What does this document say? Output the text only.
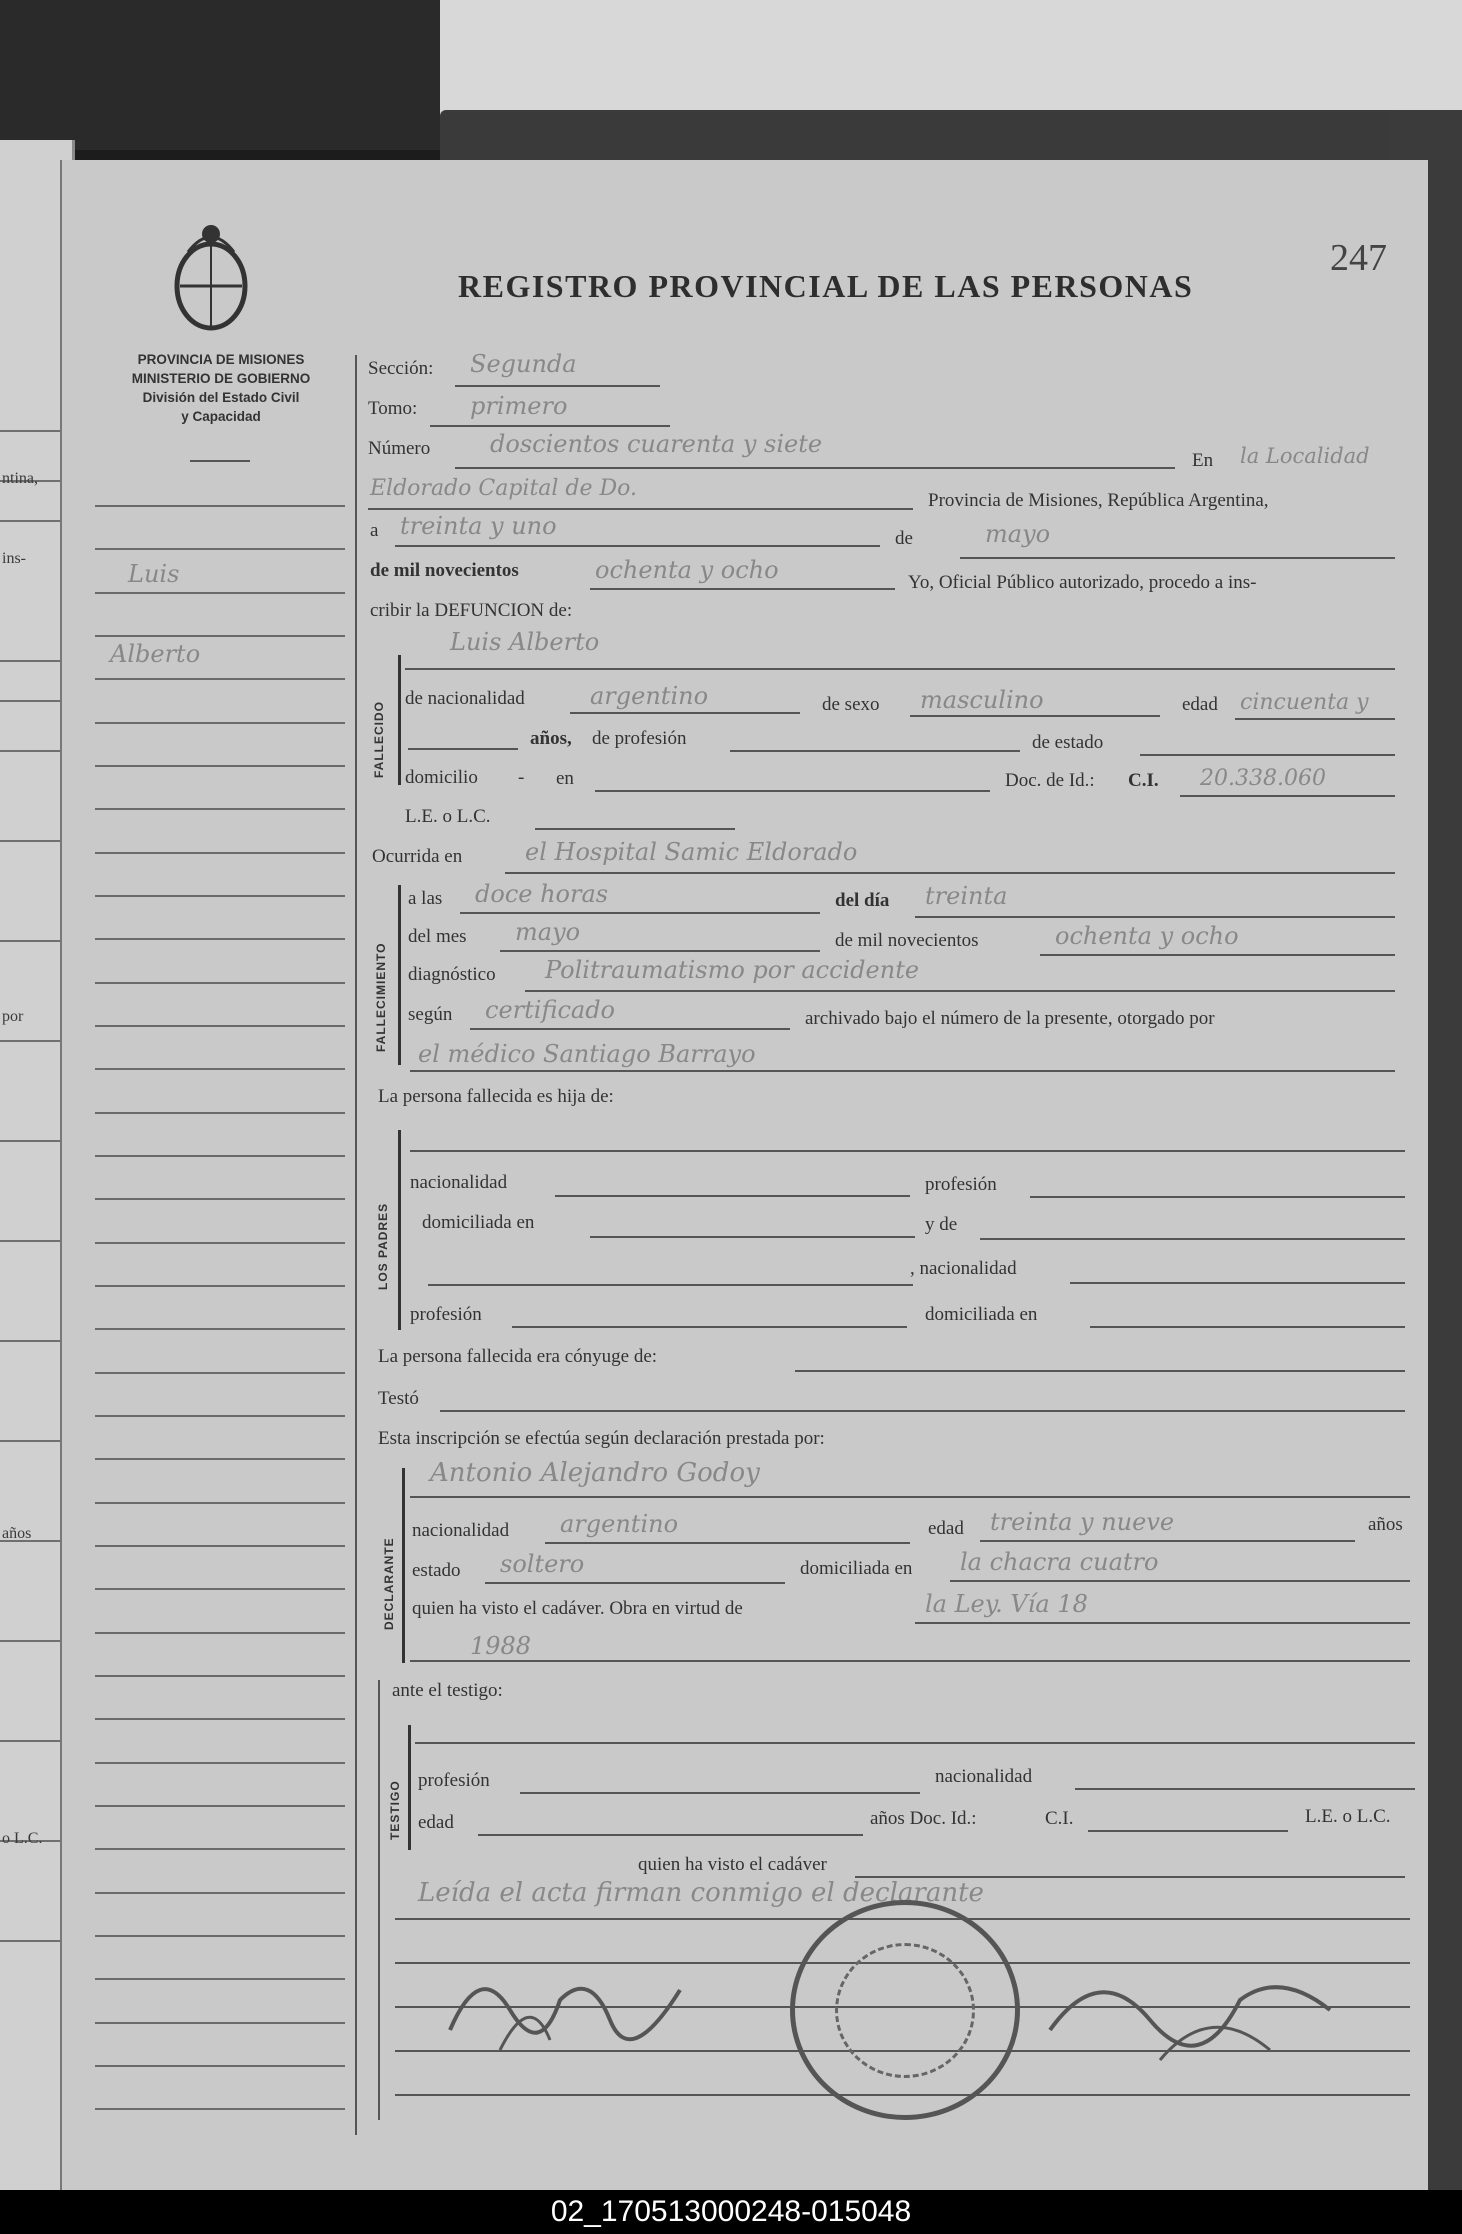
ntina,
ins-
por
años
o L.C.
PROVINCIA DE MISIONES
MINISTERIO DE GOBIERNO
División del Estado Civil
y Capacidad
REGISTRO PROVINCIAL DE LAS PERSONAS
247
Luis
Alberto
Sección: Segunda
Tomo: primero
Número doscientos cuarenta y siete
En la Localidad
Eldorado Capital de Do.	Provincia de Misiones, República Argentina,
a treinta y uno	de	mayo
de mil novecientos	ochenta y ocho	Yo, Oficial Público autorizado, procedo a ins-
cribir la DEFUNCION de:
FALLECIDO
Luis Alberto
de nacionalidad	argentino	de sexo masculino	edad cincuenta y
años, de profesión	de estado
domicilio - en	Doc. de Id.: C.I. 20.338.060
L.E. o L.C.
Ocurrida en	el Hospital Samic Eldorado
FALLECIMIENTO
a las doce horas	del día treinta
del mes mayo	de mil novecientos	ochenta y ocho
diagnóstico Politraumatismo por accidente
según certificado	archivado bajo el número de la presente, otorgado por
el médico Santiago Barrayo
La persona fallecida es hija de:
LOS PADRES
nacionalidad	profesión
domiciliada en	y de
, nacionalidad
profesión	domiciliada en
La persona fallecida era cónyuge de:
Testó
Esta inscripción se efectúa según declaración prestada por:
DECLARANTE
Antonio Alejandro Godoy
nacionalidad argentino	edad treinta y nueve	años
estado soltero	domiciliada en la chacra cuatro
quien ha visto el cadáver. Obra en virtud de	la Ley. Vía 18
1988
ante el testigo:
TESTIGO profesión	nacionalidad
edad	años Doc. Id.:	C.I.	L.E. o L.C.
quien ha visto el cadáver
Leída el acta firman conmigo el declarante
02_170513000248-015048
